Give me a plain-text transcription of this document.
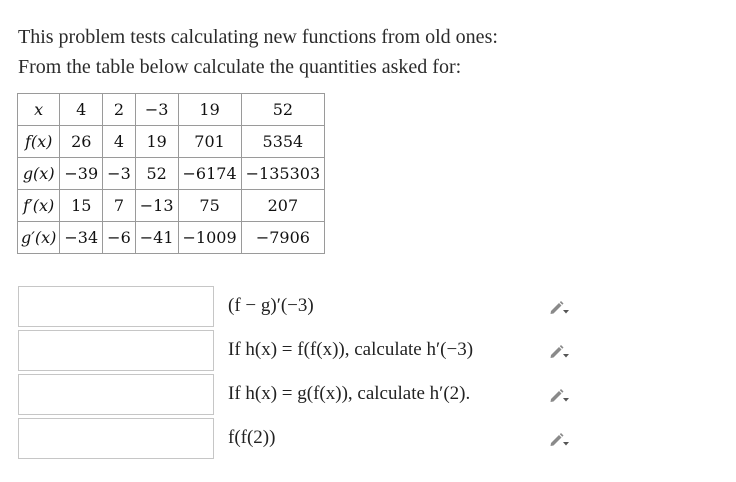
This problem tests calculating new functions from old ones:
From the table below calculate the quantities asked for:
x	4	2	−3	19	52
f(x)	26	4	19	701	5354
g(x)	−39	−3	52	−6174	−135303
f′(x)	15	7	−13	75	207
g′(x)	−34	−6	−41	−1009	−7906
(f − g)′(−3)
If h(x) = f(f(x)), calculate h′(−3)
If h(x) = g(f(x)), calculate h′(2).
f(f(2))
